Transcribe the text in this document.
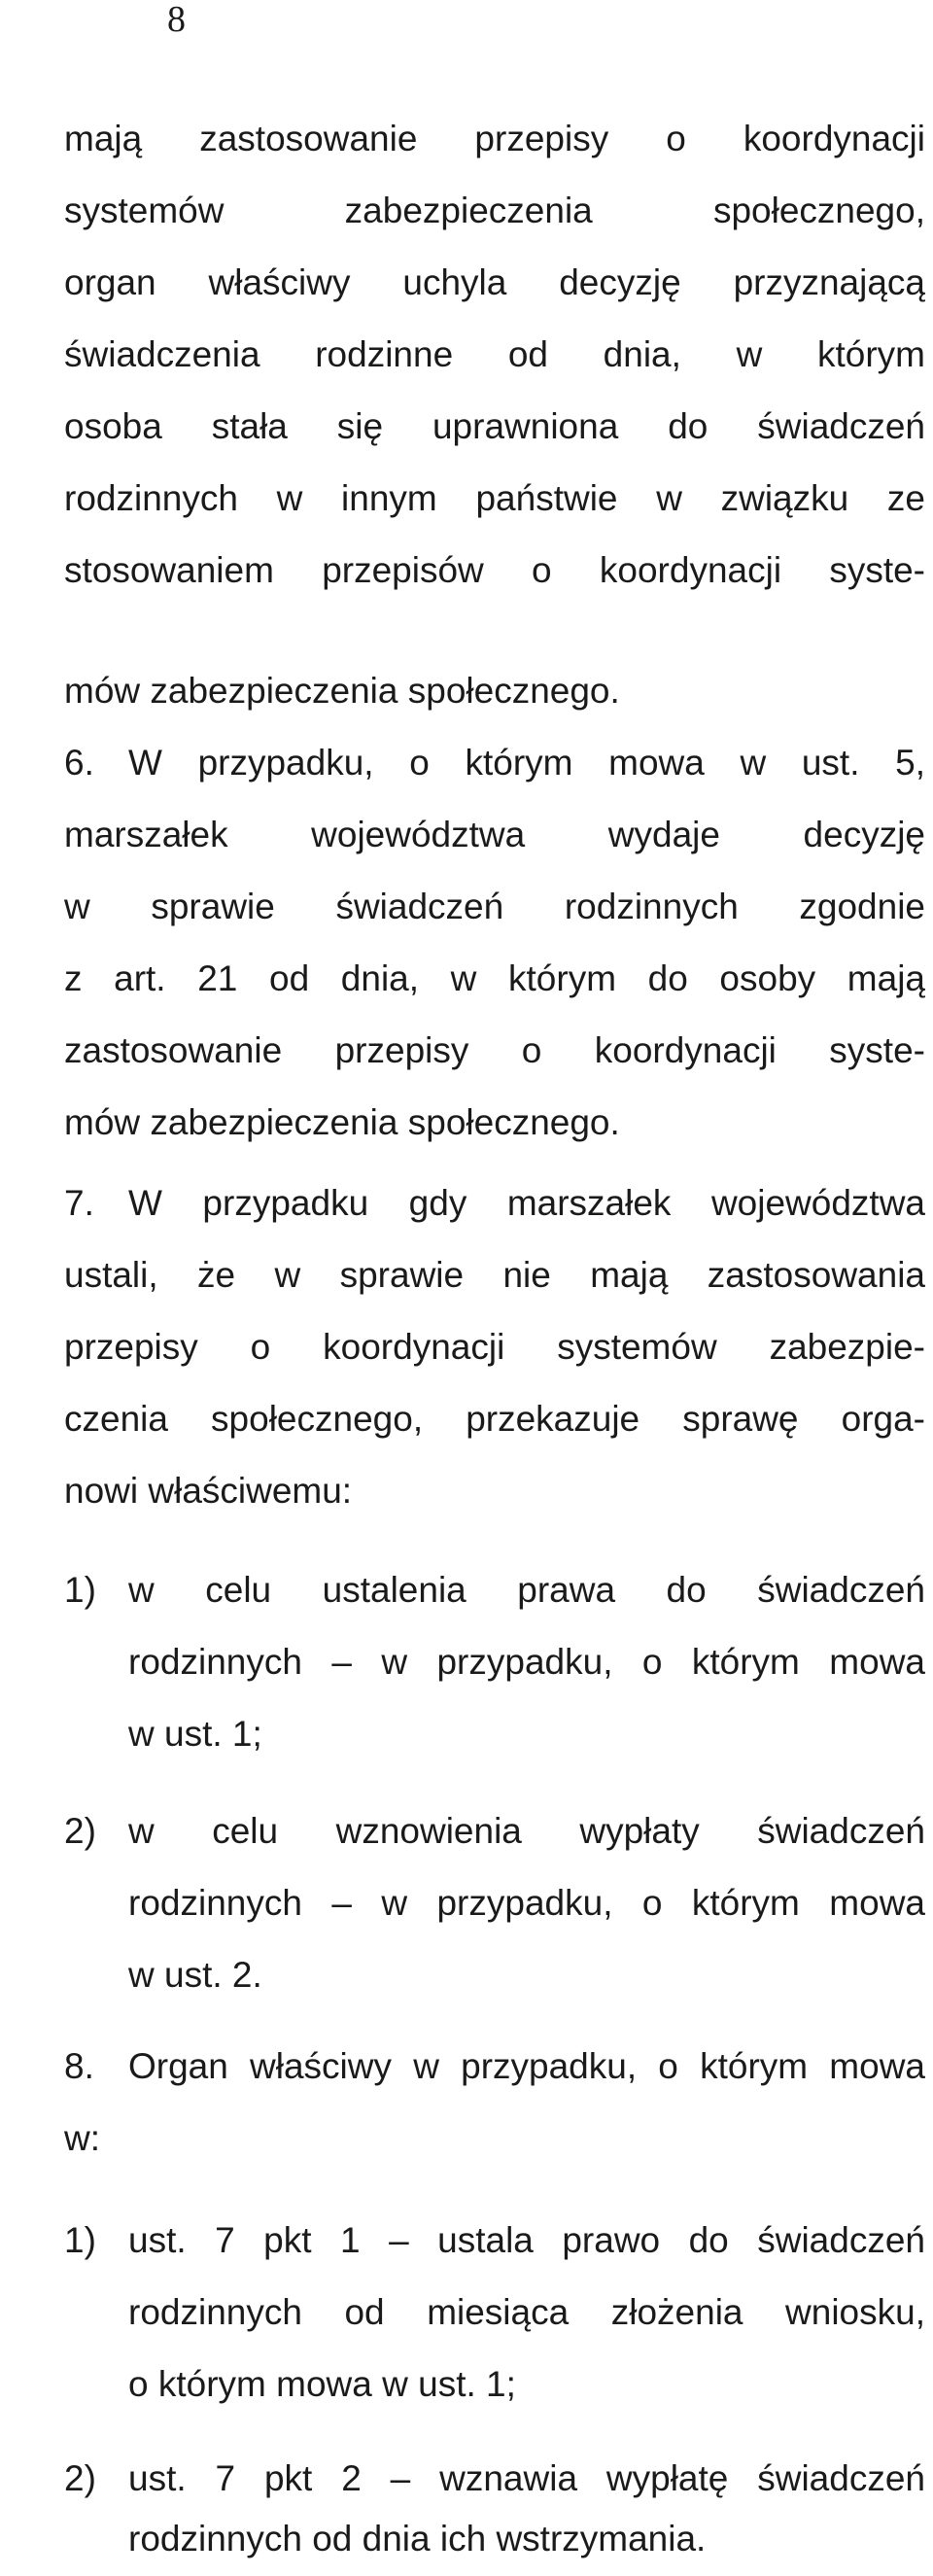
8
mają zastosowanie przepisy o koordynacji
systemów zabezpieczenia społecznego,
organ właściwy uchyla decyzję przyznającą
świadczenia rodzinne od dnia, w którym
osoba stała się uprawniona do świadczeń
rodzinnych w innym państwie w związku ze
stosowaniem przepisów o koordynacji syste-
mów zabezpieczenia społecznego.
6. W przypadku, o którym mowa w ust. 5,
marszałek województwa wydaje decyzję
w sprawie świadczeń rodzinnych zgodnie
z art. 21 od dnia, w którym do osoby mają
zastosowanie przepisy o koordynacji syste-
mów zabezpieczenia społecznego.
7. W przypadku gdy marszałek województwa
ustali, że w sprawie nie mają zastosowania
przepisy o koordynacji systemów zabezpie-
czenia społecznego, przekazuje sprawę orga-
nowi właściwemu:
1) w celu ustalenia prawa do świadczeń
rodzinnych – w przypadku, o którym mowa
w ust. 1;
2) w celu wznowienia wypłaty świadczeń
rodzinnych – w przypadku, o którym mowa
w ust. 2.
8. Organ właściwy w przypadku, o którym mowa
w:
1) ust. 7 pkt 1 – ustala prawo do świadczeń
rodzinnych od miesiąca złożenia wniosku,
o którym mowa w ust. 1;
2) ust. 7 pkt 2 – wznawia wypłatę świadczeń
rodzinnych od dnia ich wstrzymania.
